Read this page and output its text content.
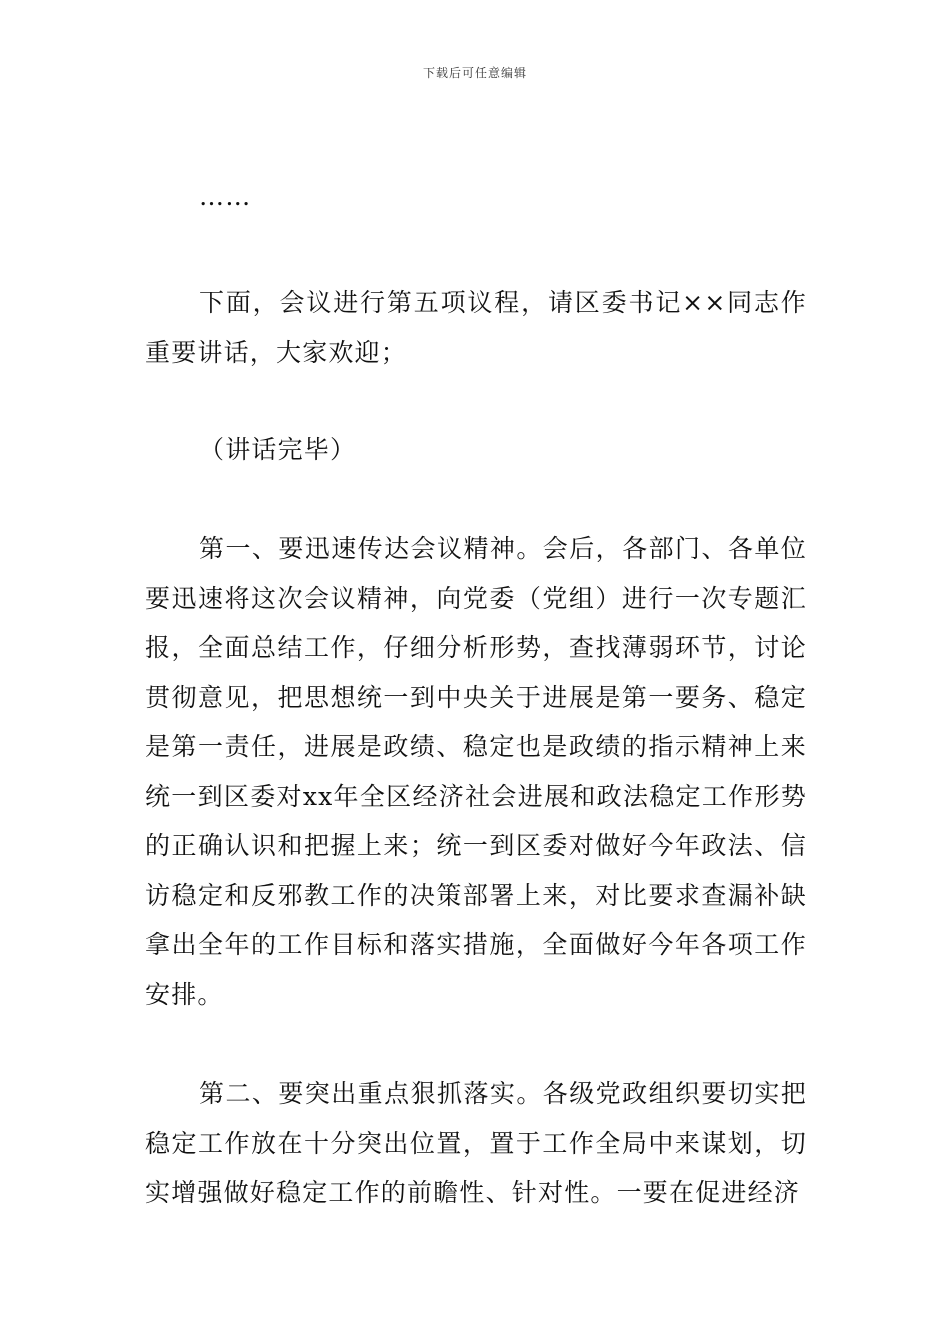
下载后可任意编辑

……

下面，会议进行第五项议程，请区委书记××同志作重要讲话，大家欢迎；

（讲话完毕）

第一、要迅速传达会议精神。会后，各部门、各单位要迅速将这次会议精神，向党委（党组）进行一次专题汇报，全面总结工作，仔细分析形势，查找薄弱环节，讨论贯彻意见，把思想统一到中央关于进展是第一要务、稳定是第一责任，进展是政绩、稳定也是政绩的指示精神上来统一到区委对xx年全区经济社会进展和政法稳定工作形势的正确认识和把握上来；统一到区委对做好今年政法、信访稳定和反邪教工作的决策部署上来，对比要求查漏补缺拿出全年的工作目标和落实措施，全面做好今年各项工作安排。

第二、要突出重点狠抓落实。各级党政组织要切实把稳定工作放在十分突出位置，置于工作全局中来谋划，切实增强做好稳定工作的前瞻性、针对性。一要在促进经济
